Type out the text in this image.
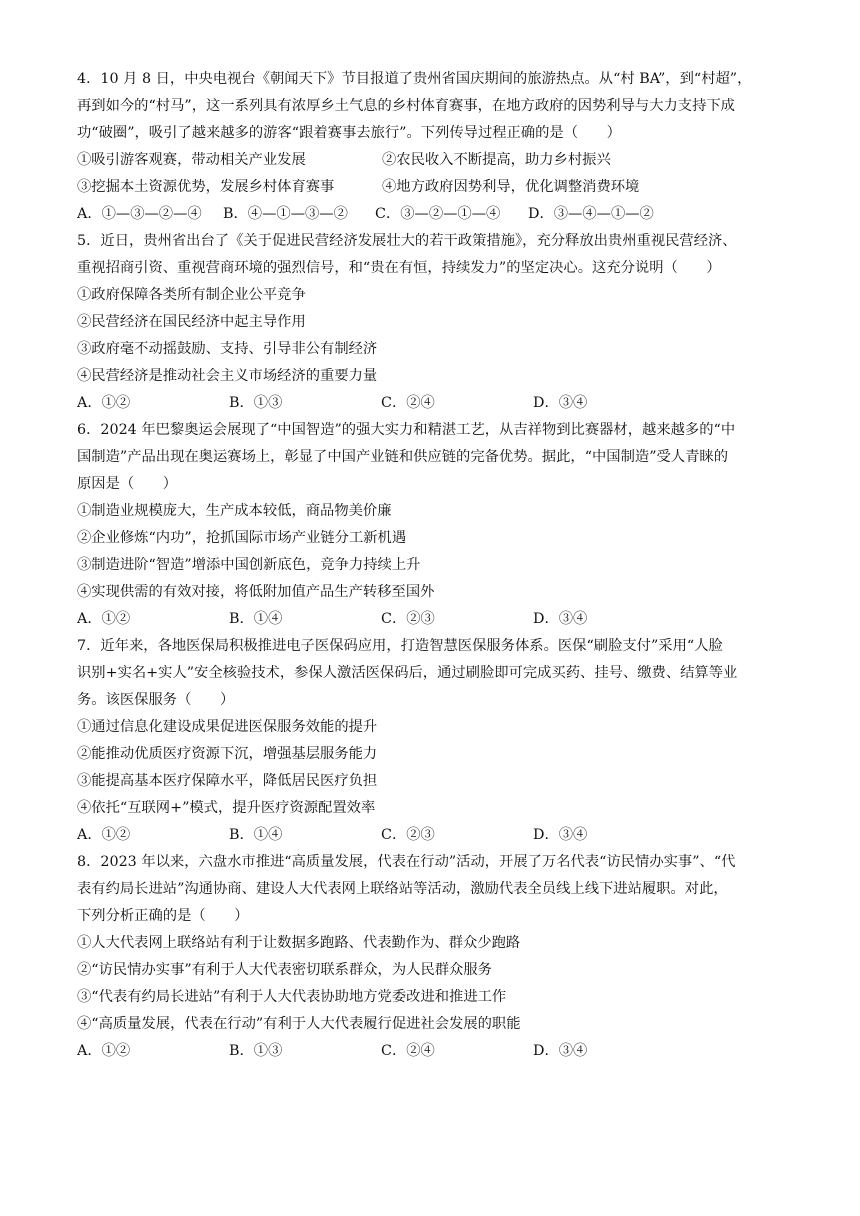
4．10 月 8 日，中央电视台《朝闻天下》节目报道了贵州省国庆期间的旅游热点。从“村 BA”，到“村超”，
再到如今的“村马”，这一系列具有浓厚乡土气息的乡村体育赛事，在地方政府的因势利导与大力支持下成
功“破圈”，吸引了越来越多的游客“跟着赛事去旅行”。下列传导过程正确的是（　　）
①吸引游客观赛，带动相关产业发展	②农民收入不断提高，助力乡村振兴
③挖掘本土资源优势，发展乡村体育赛事	④地方政府因势利导，优化调整消费环境
A．①—③—②—④	B．④—①—③—②	C．③—②—①—④	D．③—④—①—②
5．近日，贵州省出台了《关于促进民营经济发展壮大的若干政策措施》，充分释放出贵州重视民营经济、
重视招商引资、重视营商环境的强烈信号，和“贵在有恒，持续发力”的坚定决心。这充分说明（　　）
①政府保障各类所有制企业公平竞争
②民营经济在国民经济中起主导作用
③政府毫不动摇鼓励、支持、引导非公有制经济
④民营经济是推动社会主义市场经济的重要力量
A．①②	B．①③	C．②④	D．③④
6．2024 年巴黎奥运会展现了“中国智造”的强大实力和精湛工艺，从吉祥物到比赛器材，越来越多的“中
国制造”产品出现在奥运赛场上，彰显了中国产业链和供应链的完备优势。据此，“中国制造”受人青睐的
原因是（　　）
①制造业规模庞大，生产成本较低，商品物美价廉
②企业修炼“内功”，抢抓国际市场产业链分工新机遇
③制造进阶“智造”增添中国创新底色，竞争力持续上升
④实现供需的有效对接，将低附加值产品生产转移至国外
A．①②	B．①④	C．②③	D．③④
7．近年来，各地医保局积极推进电子医保码应用，打造智慧医保服务体系。医保“刷脸支付”采用“人脸
识别+实名+实人”安全核验技术，参保人激活医保码后，通过刷脸即可完成买药、挂号、缴费、结算等业
务。该医保服务（　　）
①通过信息化建设成果促进医保服务效能的提升
②能推动优质医疗资源下沉，增强基层服务能力
③能提高基本医疗保障水平，降低居民医疗负担
④依托“互联网+”模式，提升医疗资源配置效率
A．①②	B．①④	C．②③	D．③④
8．2023 年以来，六盘水市推进“高质量发展，代表在行动”活动，开展了万名代表“访民情办实事”、“代
表有约局长进站”沟通协商、建设人大代表网上联络站等活动，激励代表全员线上线下进站履职。对此，
下列分析正确的是（　　）
①人大代表网上联络站有利于让数据多跑路、代表勤作为、群众少跑路
②“访民情办实事”有利于人大代表密切联系群众，为人民群众服务
③“代表有约局长进站”有利于人大代表协助地方党委改进和推进工作
④“高质量发展，代表在行动”有利于人大代表履行促进社会发展的职能
A．①②	B．①③	C．②④	D．③④
